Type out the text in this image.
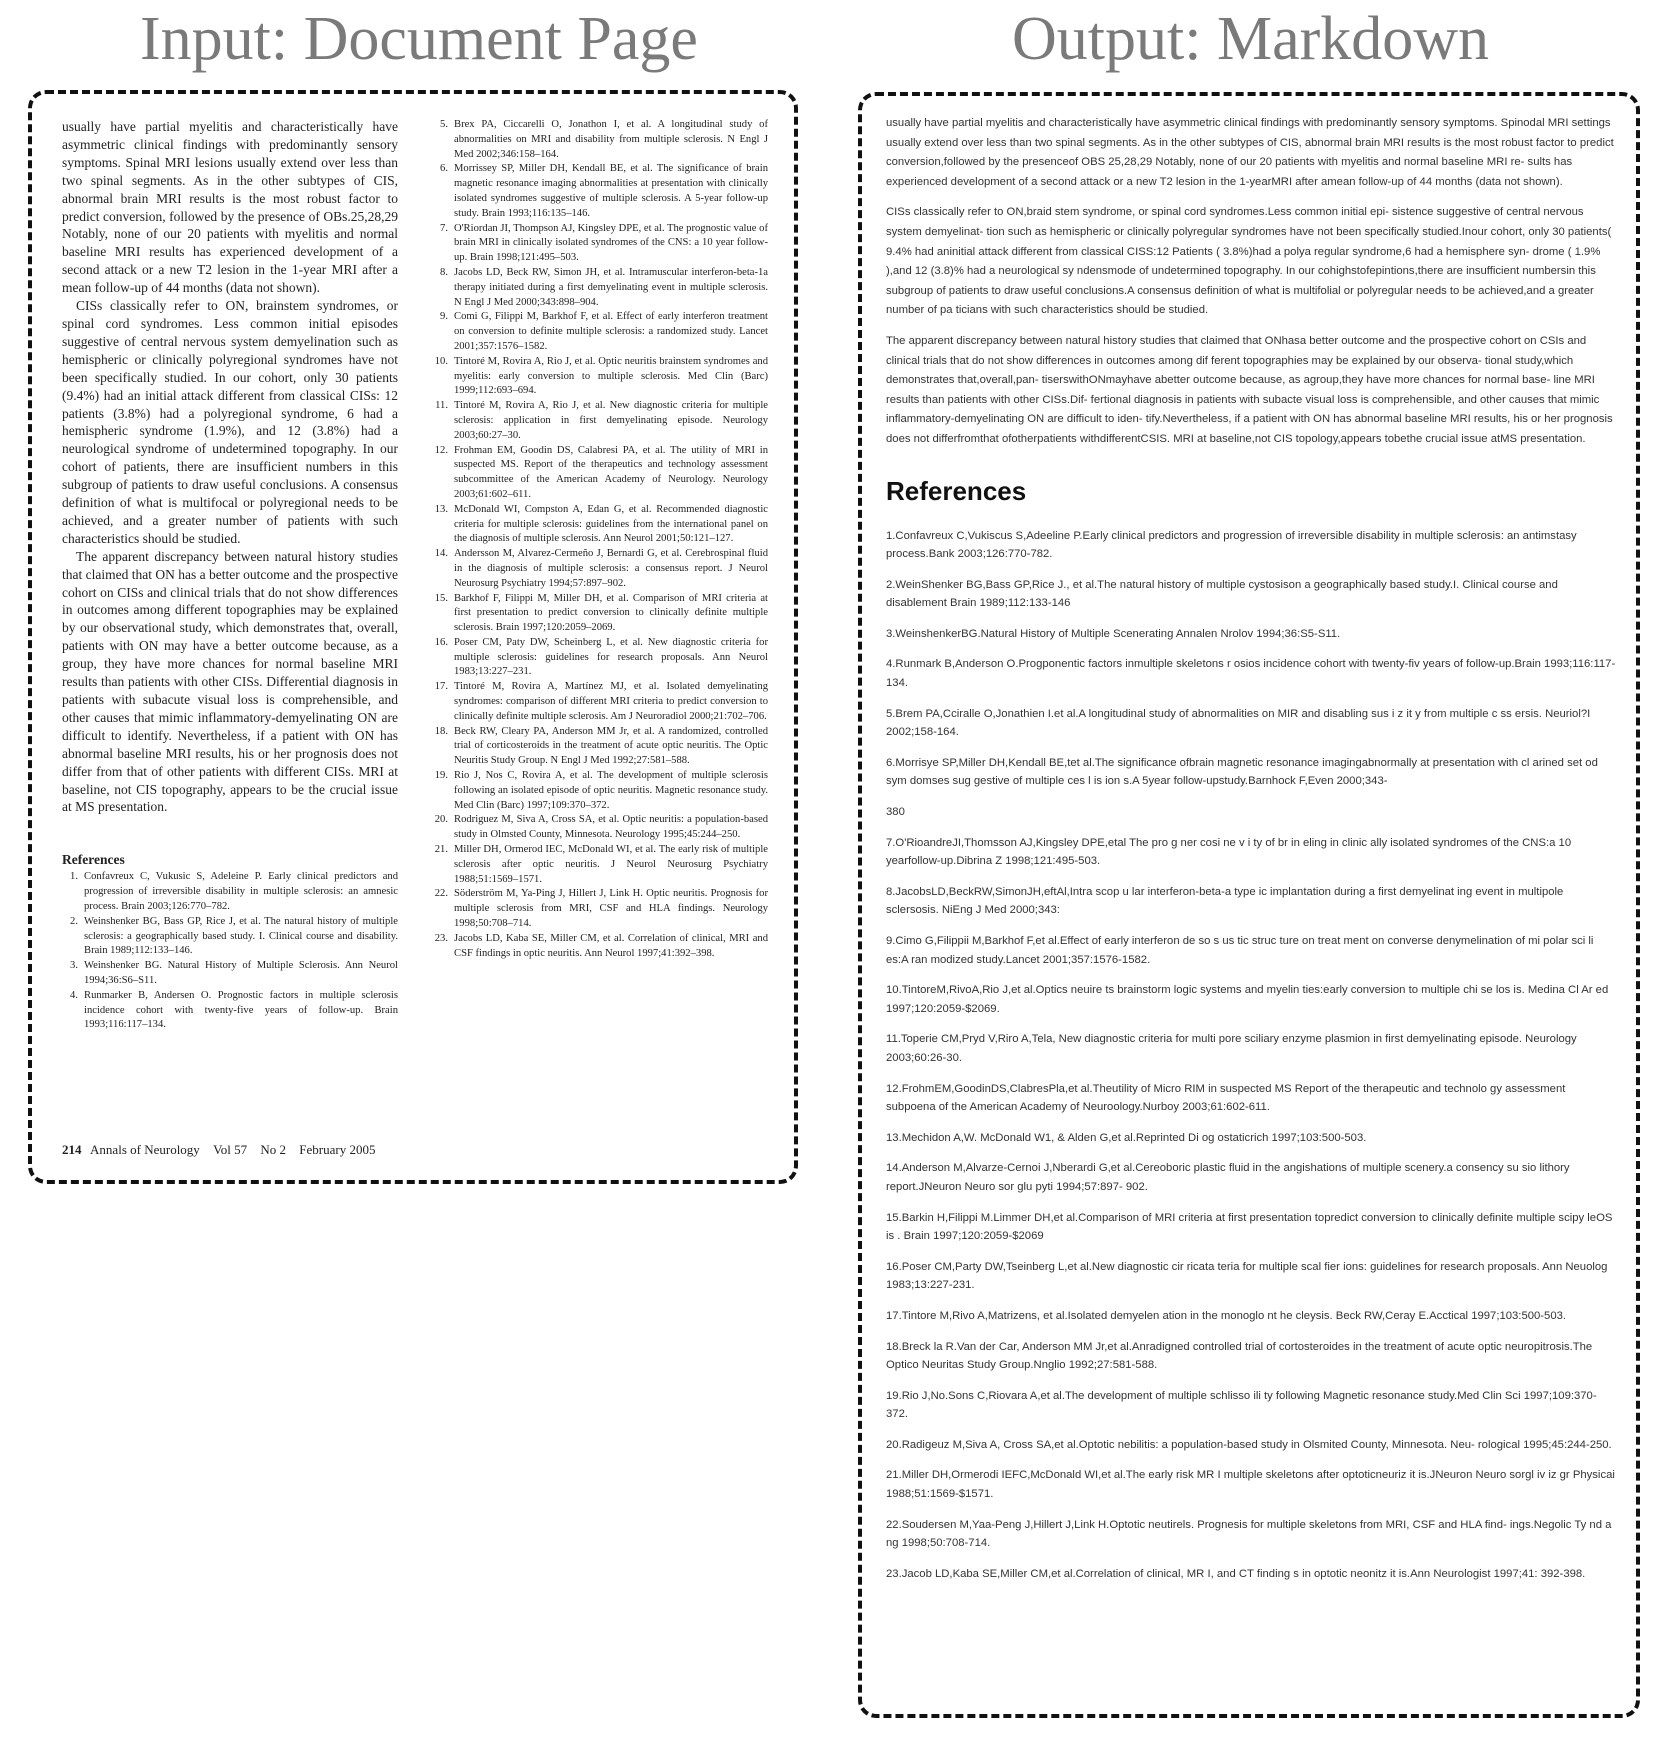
Input: Document Page	Output: Markdown

usually have partial myelitis and characteristically have asymmetric clinical findings with predominantly sensory symptoms. Spinal MRI lesions usually extend over less than two spinal segments. As in the other subtypes of CIS, abnormal brain MRI results is the most robust factor to predict conversion, followed by the presence of OBs.25,28,29 Notably, none of our 20 patients with myelitis and normal baseline MRI results has experienced development of a second attack or a new T2 lesion in the 1-year MRI after a mean follow-up of 44 months (data not shown).

CISs classically refer to ON, brainstem syndromes, or spinal cord syndromes. Less common initial episodes suggestive of central nervous system demyelination such as hemispheric or clinically polyregional syndromes have not been specifically studied. In our cohort, only 30 patients (9.4%) had an initial attack different from classical CISs: 12 patients (3.8%) had a polyregional syndrome, 6 had a hemispheric syndrome (1.9%), and 12 (3.8%) had a neurological syndrome of undetermined topography. In our cohort of patients, there are insufficient numbers in this subgroup of patients to draw useful conclusions. A consensus definition of what is multifocal or polyregional needs to be achieved, and a greater number of patients with such characteristics should be studied.

The apparent discrepancy between natural history studies that claimed that ON has a better outcome and the prospective cohort on CISs and clinical trials that do not show differences in outcomes among different topographies may be explained by our observational study, which demonstrates that, overall, patients with ON may have a better outcome because, as a group, they have more chances for normal baseline MRI results than patients with other CISs. Differential diagnosis in patients with subacute visual loss is comprehensible, and other causes that mimic inflammatory-demyelinating ON are difficult to identify. Nevertheless, if a patient with ON has abnormal baseline MRI results, his or her prognosis does not differ from that of other patients with different CISs. MRI at baseline, not CIS topography, appears to be the crucial issue at MS presentation.

References
1. Confavreux C, Vukusic S, Adeleine P. Early clinical predictors and progression of irreversible disability in multiple sclerosis: an amnesic process. Brain 2003;126:770–782.
2. Weinshenker BG, Bass GP, Rice J, et al. The natural history of multiple sclerosis: a geographically based study. I. Clinical course and disability. Brain 1989;112:133–146.
3. Weinshenker BG. Natural History of Multiple Sclerosis. Ann Neurol 1994;36:S6–S11.
4. Runmarker B, Andersen O. Prognostic factors in multiple sclerosis incidence cohort with twenty-five years of follow-up. Brain 1993;116:117–134.
5. Brex PA, Ciccarelli O, Jonathon I, et al. A longitudinal study of abnormalities on MRI and disability from multiple sclerosis. N Engl J Med 2002;346:158–164.
6. Morrissey SP, Miller DH, Kendall BE, et al. The significance of brain magnetic resonance imaging abnormalities at presentation with clinically isolated syndromes suggestive of multiple sclerosis. A 5-year follow-up study. Brain 1993;116:135–146.
7. O'Riordan JI, Thompson AJ, Kingsley DPE, et al. The prognostic value of brain MRI in clinically isolated syndromes of the CNS: a 10 year follow-up. Brain 1998;121:495–503.
8. Jacobs LD, Beck RW, Simon JH, et al. Intramuscular interferon-beta-1a therapy initiated during a first demyelinating event in multiple sclerosis. N Engl J Med 2000;343:898–904.
9. Comi G, Filippi M, Barkhof F, et al. Effect of early interferon treatment on conversion to definite multiple sclerosis: a randomized study. Lancet 2001;357:1576–1582.
10. Tintoré M, Rovira A, Rio J, et al. Optic neuritis brainstem syndromes and myelitis: early conversion to multiple sclerosis. Med Clin (Barc) 1999;112:693–694.
11. Tintoré M, Rovira A, Rio J, et al. New diagnostic criteria for multiple sclerosis: application in first demyelinating episode. Neurology 2003;60:27–30.
12. Frohman EM, Goodin DS, Calabresi PA, et al. The utility of MRI in suspected MS. Report of the therapeutics and technology assessment subcommittee of the American Academy of Neurology. Neurology 2003;61:602–611.
13. McDonald WI, Compston A, Edan G, et al. Recommended diagnostic criteria for multiple sclerosis: guidelines from the international panel on the diagnosis of multiple sclerosis. Ann Neurol 2001;50:121–127.
14. Andersson M, Alvarez-Cermeño J, Bernardi G, et al. Cerebrospinal fluid in the diagnosis of multiple sclerosis: a consensus report. J Neurol Neurosurg Psychiatry 1994;57:897–902.
15. Barkhof F, Filippi M, Miller DH, et al. Comparison of MRI criteria at first presentation to predict conversion to clinically definite multiple sclerosis. Brain 1997;120:2059–2069.
16. Poser CM, Paty DW, Scheinberg L, et al. New diagnostic criteria for multiple sclerosis: guidelines for research proposals. Ann Neurol 1983;13:227–231.
17. Tintoré M, Rovira A, Martínez MJ, et al. Isolated demyelinating syndromes: comparison of different MRI criteria to predict conversion to clinically definite multiple sclerosis. Am J Neuroradiol 2000;21:702–706.
18. Beck RW, Cleary PA, Anderson MM Jr, et al. A randomized, controlled trial of corticosteroids in the treatment of acute optic neuritis. The Optic Neuritis Study Group. N Engl J Med 1992;27:581–588.
19. Rio J, Nos C, Rovira A, et al. The development of multiple sclerosis following an isolated episode of optic neuritis. Magnetic resonance study. Med Clin (Barc) 1997;109:370–372.
20. Rodriguez M, Siva A, Cross SA, et al. Optic neuritis: a population-based study in Olmsted County, Minnesota. Neurology 1995;45:244–250.
21. Miller DH, Ormerod IEC, McDonald WI, et al. The early risk of multiple sclerosis after optic neuritis. J Neurol Neurosurg Psychiatry 1988;51:1569–1571.
22. Söderström M, Ya-Ping J, Hillert J, Link H. Optic neuritis. Prognosis for multiple sclerosis from MRI, CSF and HLA findings. Neurology 1998;50:708–714.
23. Jacobs LD, Kaba SE, Miller CM, et al. Correlation of clinical, MRI and CSF findings in optic neuritis. Ann Neurol 1997;41:392–398.
214 Annals of Neurology Vol 57 No 2 February 2005

usually have partial myelitis and characteristically have asymmetric clinical findings with predominantly sensory symptoms. Spinodal MRI settings usually extend over less than two spinal segments. As in the other subtypes of CIS, abnormal brain MRI results is the most robust factor to predict conversion,followed by the presenceof OBS 25,28,29 Notably, none of our 20 patients with myelitis and normal baseline MRI re- sults has experienced development of a second attack or a new T2 lesion in the 1-yearMRI after amean follow-up of 44 months (data not shown).

CISs classically refer to ON,braid stem syndrome, or spinal cord syndromes.Less common initial epi- sistence suggestive of central nervous system demyelinat- tion such as hemispheric or clinically polyregular syndromes have not been specifically studied.Inour cohort, only 30 patients( 9.4% had aninitial attack different from classical CISS:12 Patients ( 3.8%)had a polya regular syndrome,6 had a hemisphere syn- drome ( 1.9% ),and 12 (3.8)% had a neurological sy ndensmode of undetermined topography. In our cohighstofepintions,there are insufficient numbersin this subgroup of patients to draw useful conclusions.A consensus definition of what is multifolial or polyregular needs to be achieved,and a greater number of pa ticians with such characteristics should be studied.

The apparent discrepancy between natural history studies that claimed that ONhasa better outcome and the prospective cohort on CSIs and clinical trials that do not show differences in outcomes among dif ferent topographies may be explained by our observa- tional study,which demonstrates that,overall,pan- tiserswithONmayhave abetter outcome because, as agroup,they have more chances for normal base- line MRI results than patients with other CISs.Dif- fertional diagnosis in patients with subacte visual loss is comprehensible, and other causes that mimic inflammatory-demyelinating ON are difficult to iden- tify.Nevertheless, if a patient with ON has abnormal baseline MRI results, his or her prognosis does not differfromthat ofotherpatients withdifferentCSIS. MRI at baseline,not CIS topology,appears tobethe crucial issue atMS presentation.

References

1.Confavreux C,Vukiscus S,Adeeline P.Early clinical predictors and progression of irreversible disability in multiple sclerosis: an antimstasy process.Bank 2003;126:770-782.

2.WeinShenker BG,Bass GP,Rice J., et al.The natural history of multiple cystosison a geographically based study.I. Clinical course and disablement Brain 1989;112:133-146

3.WeinshenkerBG.Natural History of Multiple Scenerating Annalen Nrolov 1994;36:S5-S11.

4.Runmark B,Anderson O.Progponentic factors inmultiple skeletons r osios incidence cohort with twenty-fiv years of follow-up.Brain 1993;116:117-134.

5.Brem PA,Cciralle O,Jonathien I.et al.A longitudinal study of abnormalities on MIR and disabling sus i z it y from multiple c ss ersis. Neuriol?I 2002;158-164.

6.Morrisye SP,Miller DH,Kendall BE,tet al.The significance ofbrain magnetic resonance imagingabnormally at presentation with cl arined set od sym domses sug gestive of multiple ces l is ion s.A 5year follow-upstudy.Barnhock F,Even 2000;343-

380

7.O'RioandreJI,Thomsson AJ,Kingsley DPE,etal The pro g ner cosi ne v i ty of br in eling in clinic ally isolated syndromes of the CNS:a 10 yearfollow-up.Dibrina Z 1998;121:495-503.

8.JacobsLD,BeckRW,SimonJH,eftAl,Intra scop u lar interferon-beta-a type ic implantation during a first demyelinat ing event in multipole sclersosis. NiEng J Med 2000;343:

9.Cimo G,Filippii M,Barkhof F,et al.Effect of early interferon de so s us tic struc ture on treat ment on converse denymelination of mi polar sci li es:A ran modized study.Lancet 2001;357:1576-1582.

10.TintoreM,RivoA,Rio J,et al.Optics neuire ts brainstorm logic systems and myelin ties:early conversion to multiple chi se los is. Medina Cl Ar ed 1997;120:2059-$2069.

11.Toperie CM,Pryd V,Riro A,Tela, New diagnostic criteria for multi pore sciliary enzyme plasmion in first demyelinating episode. Neurology 2003;60:26-30.

12.FrohmEM,GoodinDS,ClabresPla,et al.Theutility of Micro RIM in suspected MS Report of the therapeutic and technolo gy assessment subpoena of the American Academy of Neuroology.Nurboy 2003;61:602-611.

13.Mechidon A,W. McDonald W1, & Alden G,et al.Reprinted Di og ostaticrich 1997;103:500-503.

14.Anderson M,Alvarze-Cernoi J,Nberardi G,et al.Cereoboric plastic fluid in the angishations of multiple scenery.a consency su sio lithory report.JNeuron Neuro sor glu pyti 1994;57:897- 902.

15.Barkin H,Filippi M.Limmer DH,et al.Comparison of MRI criteria at first presentation topredict conversion to clinically definite multiple scipy leOS is . Brain 1997;120:2059-$2069

16.Poser CM,Party DW,Tseinberg L,et al.New diagnostic cir ricata teria for multiple scal fier ions: guidelines for research proposals. Ann Neuolog 1983;13:227-231.

17.Tintore M,Rivo A,Matrizens, et al.Isolated demyelen ation in the monoglo nt he cleysis. Beck RW,Ceray E.Acctical 1997;103:500-503.

18.Breck la R.Van der Car, Anderson MM Jr,et al.Anradigned controlled trial of cortosteroides in the treatment of acute optic neuropitrosis.The Optico Neuritas Study Group.Nnglio 1992;27:581-588.

19.Rio J,No.Sons C,Riovara A,et al.The development of multiple schlisso ili ty following Magnetic resonance study.Med Clin Sci 1997;109:370- 372.

20.Radigeuz M,Siva A, Cross SA,et al.Optotic nebilitis: a population-based study in Olsmited County, Minnesota. Neu- rological 1995;45:244-250.

21.Miller DH,Ormerodi IEFC,McDonald WI,et al.The early risk MR I multiple skeletons after optoticneuriz it is.JNeuron Neuro sorgl iv iz gr Physicai 1988;51:1569-$1571.

22.Soudersen M,Yaa-Peng J,Hillert J,Link H.Optotic neutirels. Prognesis for multiple skeletons from MRI, CSF and HLA find- ings.Negolic Ty nd a ng 1998;50:708-714.

23.Jacob LD,Kaba SE,Miller CM,et al.Correlation of clinical, MR I, and CT finding s in optotic neonitz it is.Ann Neurologist 1997;41: 392-398.
